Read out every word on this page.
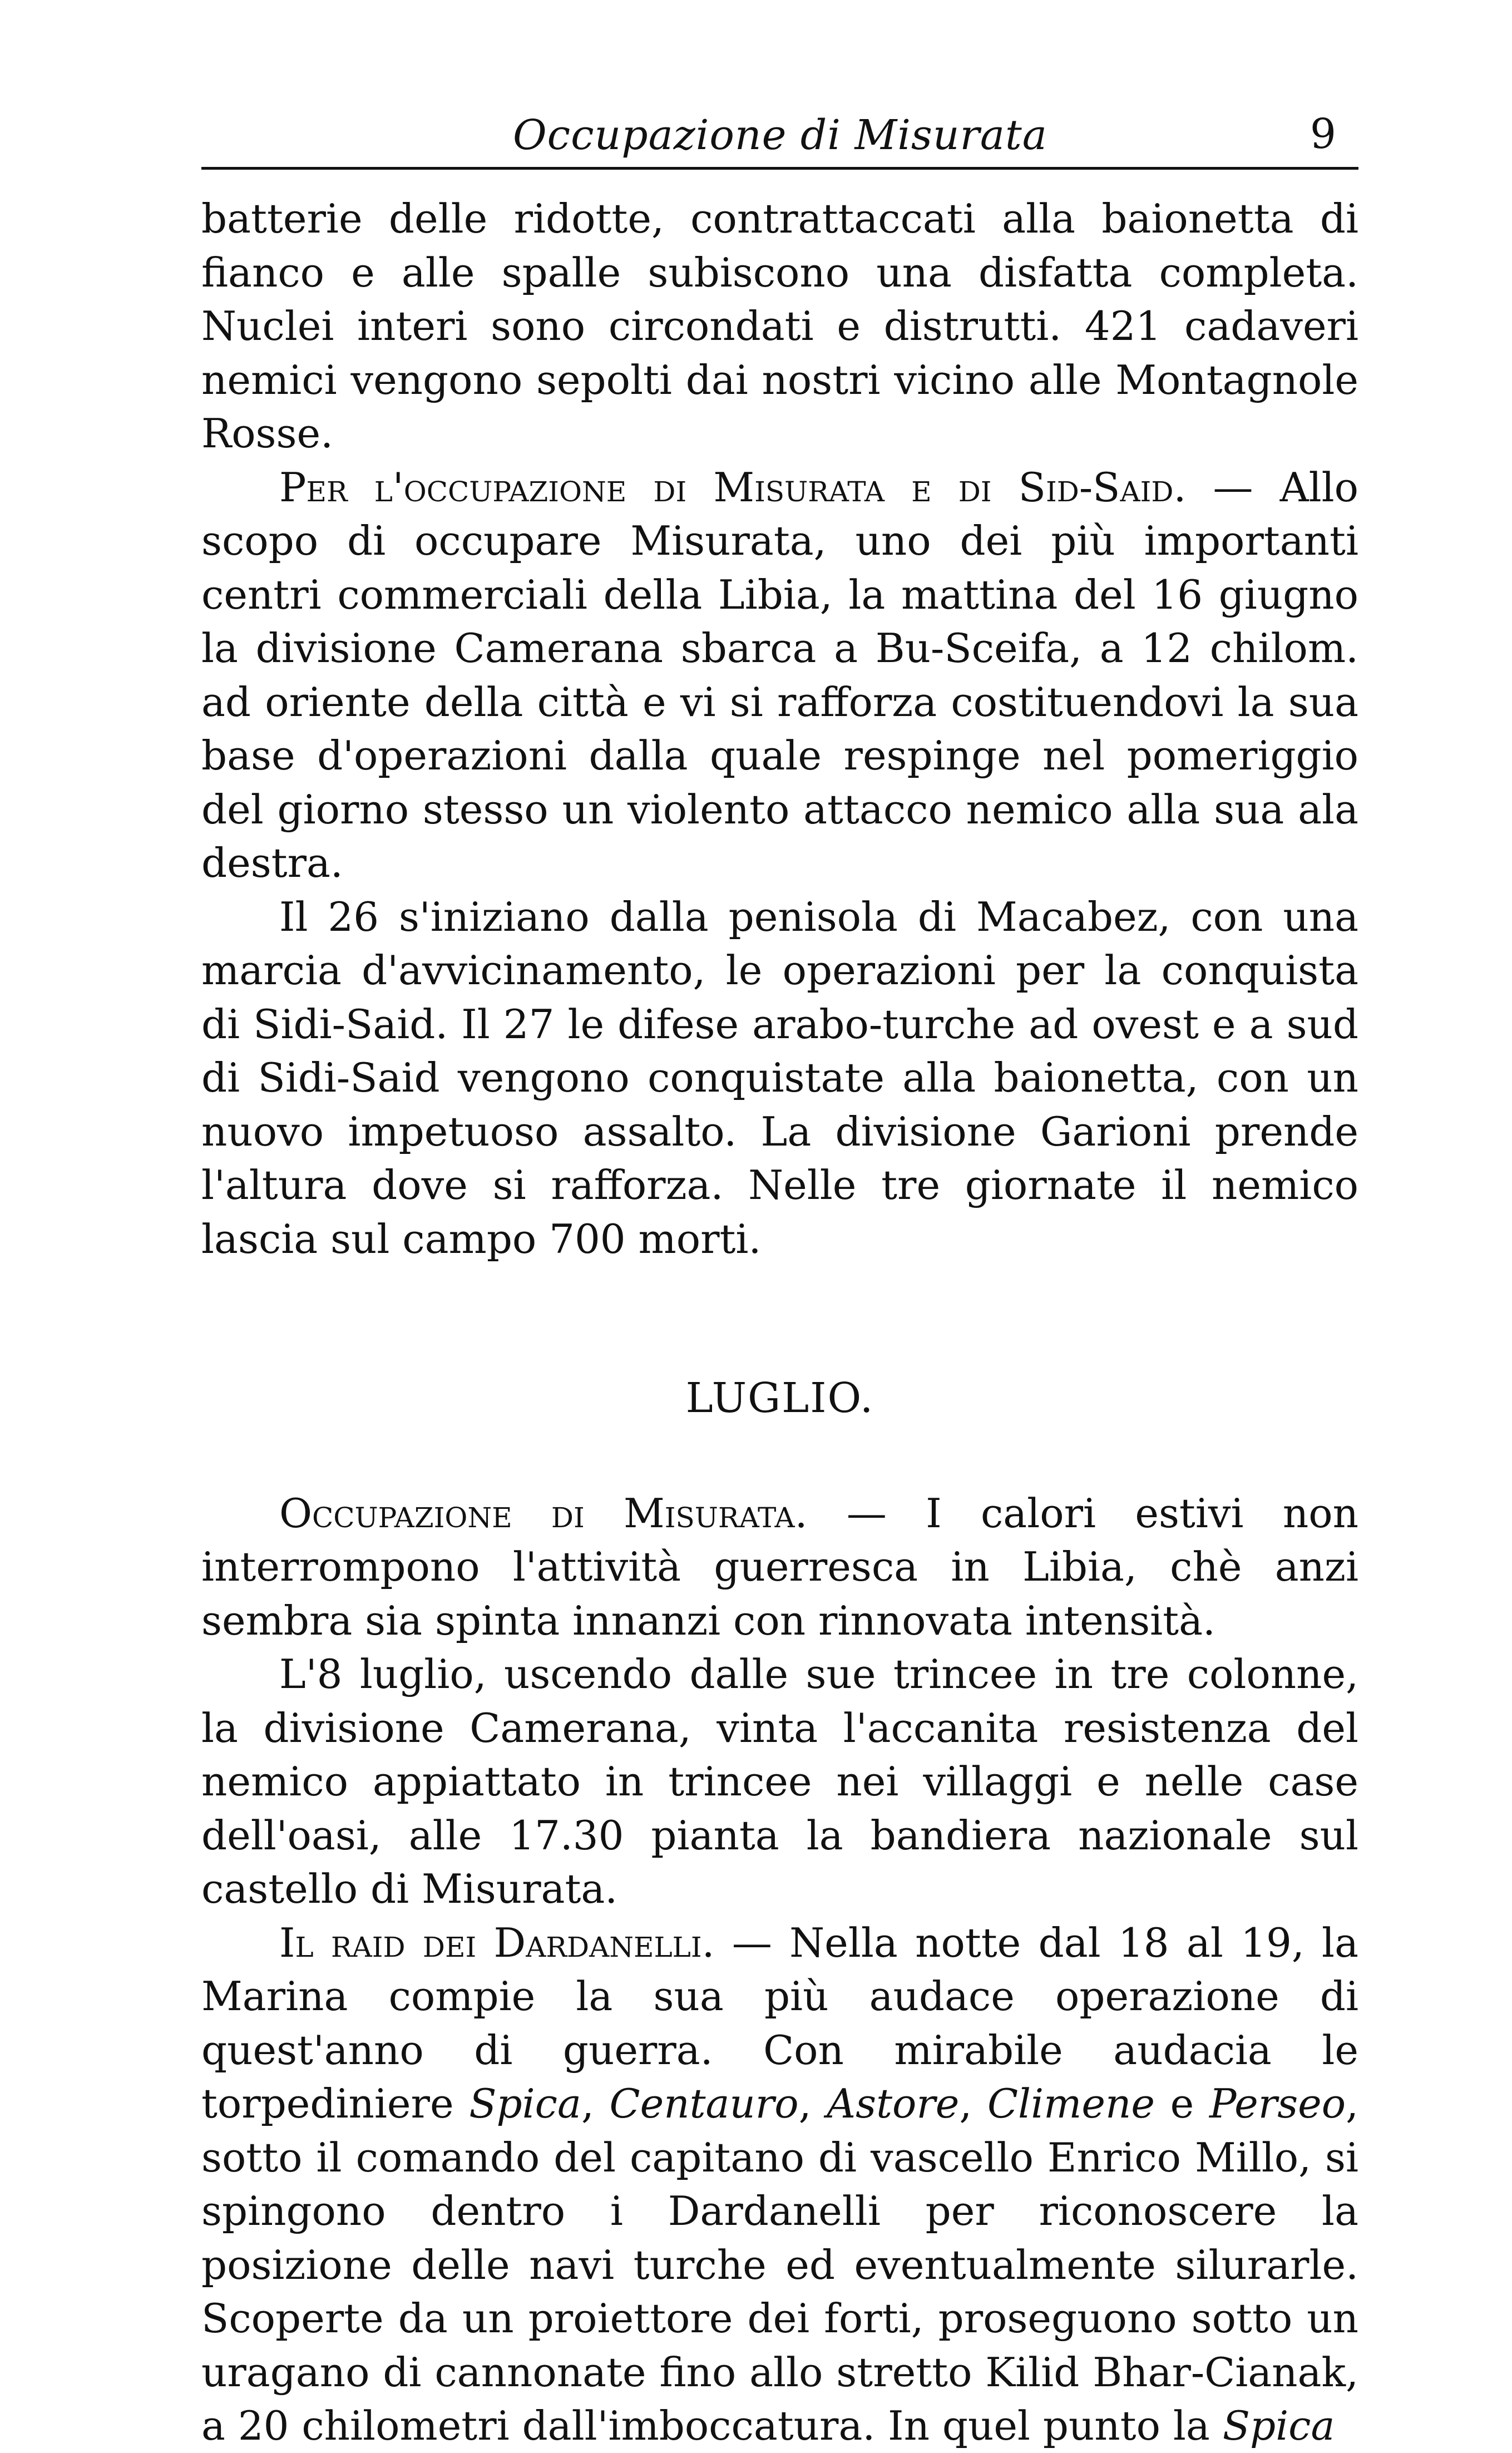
Occupazione di Misurata	9

batterie delle ridotte, contrattaccati alla baionetta di fianco e alle spalle subiscono una disfatta completa. Nuclei interi sono circondati e distrutti. 421 cadaveri nemici vengono sepolti dai nostri vicino alle Montagnole Rosse.

Per l'occupazione di Misurata e di Sid-Said. — Allo scopo di occupare Misurata, uno dei più importanti centri commerciali della Libia, la mattina del 16 giugno la divisione Camerana sbarca a Bu-Sceifa, a 12 chilom. ad oriente della città e vi si rafforza costituendovi la sua base d'operazioni dalla quale respinge nel pomeriggio del giorno stesso un violento attacco nemico alla sua ala destra.

Il 26 s'iniziano dalla penisola di Macabez, con una marcia d'avvicinamento, le operazioni per la conquista di Sidi-Said. Il 27 le difese arabo-turche ad ovest e a sud di Sidi-Said vengono conquistate alla baionetta, con un nuovo impetuoso assalto. La divisione Garioni prende l'altura dove si rafforza. Nelle tre giornate il nemico lascia sul campo 700 morti.

LUGLIO.

Occupazione di Misurata. — I calori estivi non interrompono l'attività guerresca in Libia, chè anzi sembra sia spinta innanzi con rinnovata intensità.

L'8 luglio, uscendo dalle sue trincee in tre colonne, la divisione Camerana, vinta l'accanita resistenza del nemico appiattato in trincee nei villaggi e nelle case dell'oasi, alle 17.30 pianta la bandiera nazionale sul castello di Misurata.

Il raid dei Dardanelli. — Nella notte dal 18 al 19, la Marina compie la sua più audace operazione di quest'anno di guerra. Con mirabile audacia le torpediniere Spica, Centauro, Astore, Climene e Perseo, sotto il comando del capitano di vascello Enrico Millo, si spingono dentro i Dardanelli per riconoscere la posizione delle navi turche ed eventualmente silurarle. Scoperte da un proiettore dei forti, proseguono sotto un uragano di cannonate fino allo stretto Kilid Bhar-Cianak, a 20 chilometri dall'imboccatura. In quel punto la Spica
